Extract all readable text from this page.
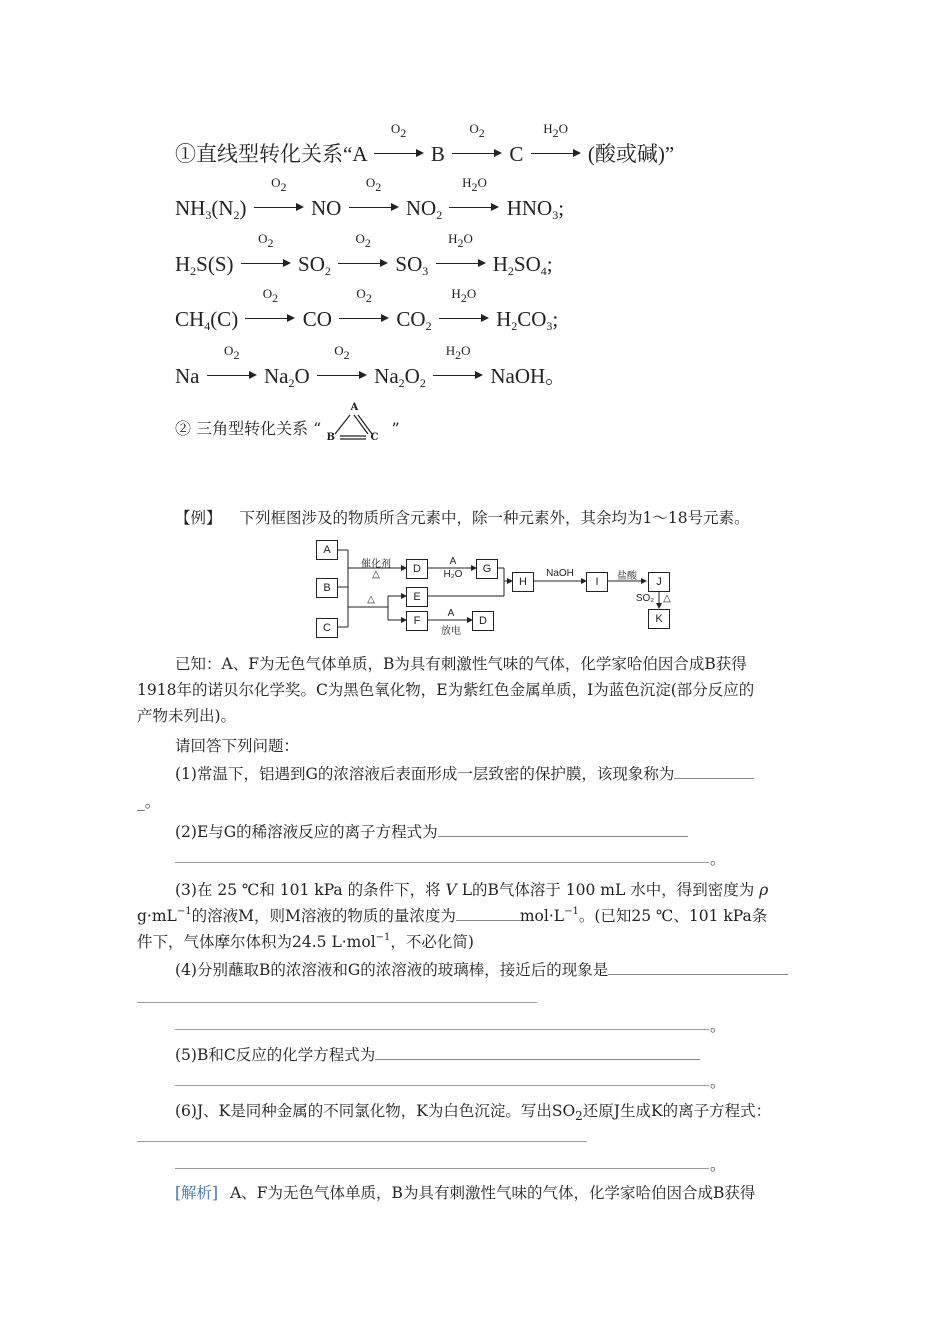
①直线型转化关系“A
$O_2$
B
$O_2$
C
$H_2O$
(酸或碱)”
$NH_3(N_2)$
$O_2$
NO
$O_2$
$NO_2$
$H_2O$
$HNO_3$;
$H_2S(S)$
$O_2$
$SO_2$
$O_2$
$SO_3$
$H_2O$
$H_2SO_4$;
$CH_4(C)$
$O_2$
CO
$O_2$
$CO_2$
$H_2O$
$H_2CO_3$;
Na
$O_2$
$Na_2O$
$O_2$
$Na_2O_2$
$H_2O$
NaOH。
② 三角型转化关系 “
A
B	C ”
【例】 下列框图涉及的物质所含元素中，除一种元素外，其余均为1～18号元素。
A
B
C
D	G
E
F	D
H	I	J
K
催化剂
△
A
H₂O
△
A
放电
NaOH	盐酸
SO₂ △
已知：A、F为无色气体单质，B为具有刺激性气味的气体，化学家哈伯因合成B获得
1918年的诺贝尔化学奖。C为黑色氧化物，E为紫红色金属单质，I为蓝色沉淀(部分反应的
产物未列出)。
请回答下列问题：
(1)常温下，铝遇到G的浓溶液后表面形成一层致密的保护膜，该现象称为
_。
(2)E与G的稀溶液反应的离子方程式为
。
(3)在 25 ℃和 101 kPa 的条件下，将 V L的B气体溶于 100 mL 水中，得到密度为 ρ
$g\cdot mL^{-1}$的溶液M，则M溶液的物质的量浓度为	$mol\cdot L^{-1}$。(已知25 ℃、101 kPa条
件下，气体摩尔体积为24.5 L·mol$^{-1}$，不必化简)
(4)分别蘸取B的浓溶液和G的浓溶液的玻璃棒，接近后的现象是
。
(5)B和C反应的化学方程式为
。
(6)J、K是同种金属的不同氯化物，K为白色沉淀。写出$SO_2$还原J生成K的离子方程式：
。
[解析] A、F为无色气体单质，B为具有刺激性气味的气体，化学家哈伯因合成B获得
